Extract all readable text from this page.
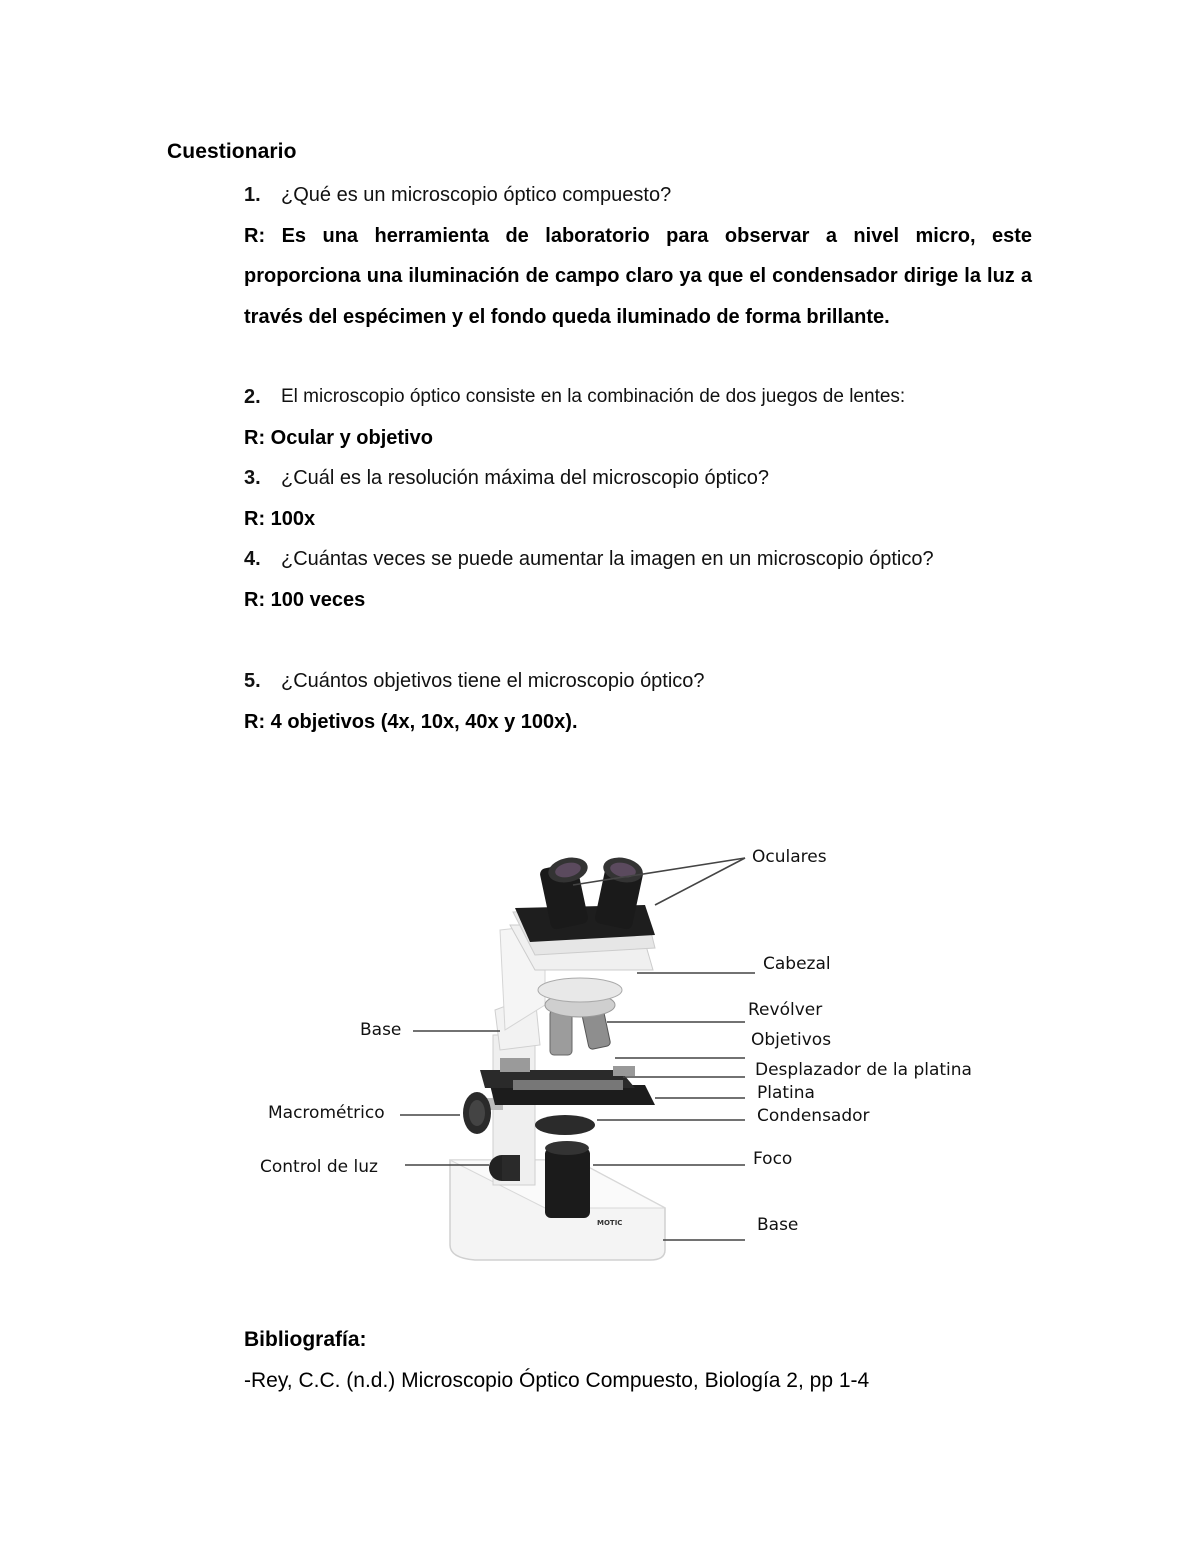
Cuestionario
1. ¿Qué es un microscopio óptico compuesto?
R: Es una herramienta de laboratorio para observar a nivel micro, este proporciona una iluminación de campo claro ya que el condensador dirige la luz a través del espécimen y el fondo queda iluminado de forma brillante.
2. El microscopio óptico consiste en la combinación de dos juegos de lentes:
R: Ocular y objetivo
3. ¿Cuál es la resolución máxima del microscopio óptico?
R: 100x
4. ¿Cuántas veces se puede aumentar la imagen en un microscopio óptico?
R: 100 veces
5. ¿Cuántos objetivos tiene el microscopio óptico?
R: 4 objetivos (4x, 10x, 40x y 100x).
MOTIC
Oculares
Cabezal
Revólver
Objetivos
Desplazador de la platina
Platina
Condensador
Foco
Base
Base
Macrométrico
Control de luz
Bibliografía:
-Rey, C.C. (n.d.) Microscopio Óptico Compuesto, Biología 2, pp 1-4
